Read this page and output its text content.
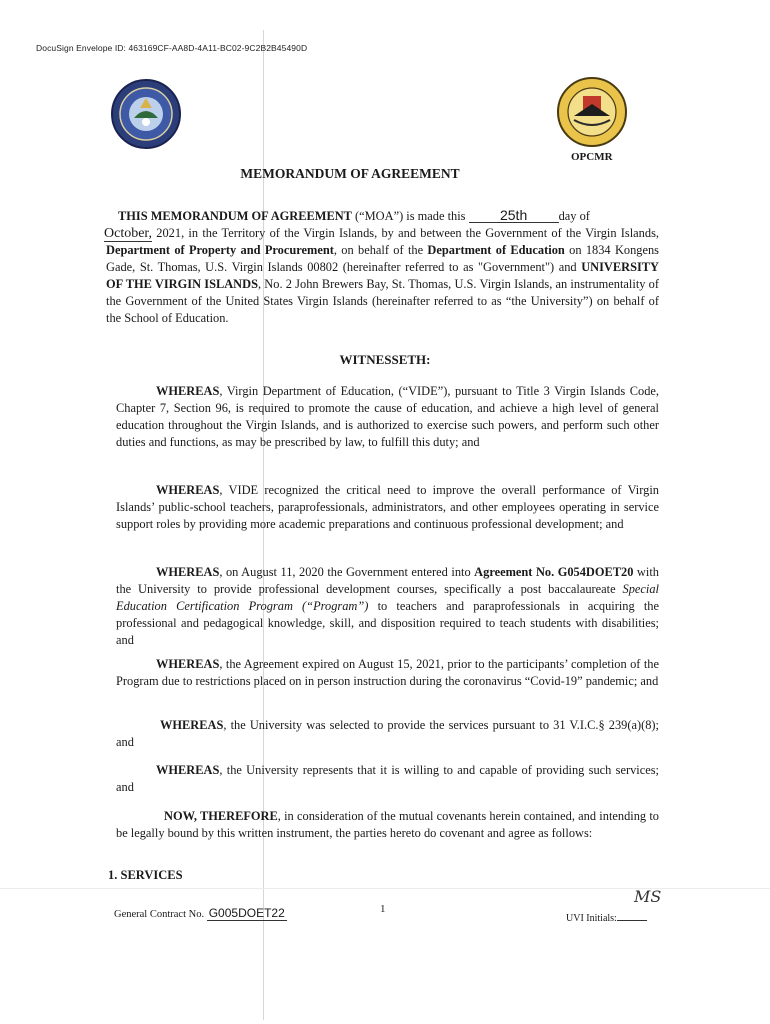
DocuSign Envelope ID: 463169CF-AA8D-4A11-BC02-9C2B2B45490D
OPCMR
MEMORANDUM OF AGREEMENT
THIS MEMORANDUM OF AGREEMENT (“MOA”) is made this 25th	day of
October, 2021, in the Territory of the Virgin Islands, by and between the Government of the Virgin Islands, Department of Property and Procurement, on behalf of the Department of Education on 1834 Kongens Gade, St. Thomas, U.S. Virgin Islands 00802 (hereinafter referred to as "Government") and UNIVERSITY OF THE VIRGIN ISLANDS, No. 2 John Brewers Bay, St. Thomas, U.S. Virgin Islands, an instrumentality of the Government of the United States Virgin Islands (hereinafter referred to as “the University”) on behalf of the School of Education.
WITNESSETH:
WHEREAS, Virgin Department of Education, (“VIDE”), pursuant to Title 3 Virgin Islands Code, Chapter 7, Section 96, is required to promote the cause of education, and achieve a high level of general education throughout the Virgin Islands, and is authorized to exercise such powers, and perform such other duties and functions, as may be prescribed by law, to fulfill this duty; and
WHEREAS, VIDE recognized the critical need to improve the overall performance of Virgin Islands’ public-school teachers, paraprofessionals, administrators, and other employees operating in service support roles by providing more academic preparations and continuous professional development; and
WHEREAS, on August 11, 2020 the Government entered into Agreement No. G054DOET20 with the University to provide professional development courses, specifically a post baccalaureate Special Education Certification Program (“Program”) to teachers and paraprofessionals in acquiring the professional and pedagogical knowledge, skill, and disposition required to teach students with disabilities; and
WHEREAS, the Agreement expired on August 15, 2021, prior to the participants’ completion of the Program due to restrictions placed on in person instruction during the coronavirus “Covid-19” pandemic; and
WHEREAS, the University was selected to provide the services pursuant to 31 V.I.C.§ 239(a)(8); and
WHEREAS, the University represents that it is willing to and capable of providing such services; and
NOW, THEREFORE, in consideration of the mutual covenants herein contained, and intending to be legally bound by this written instrument, the parties hereto do covenant and agree as follows:
1. SERVICES
General Contract No. G005DOET22	1
MS
UVI Initials:
